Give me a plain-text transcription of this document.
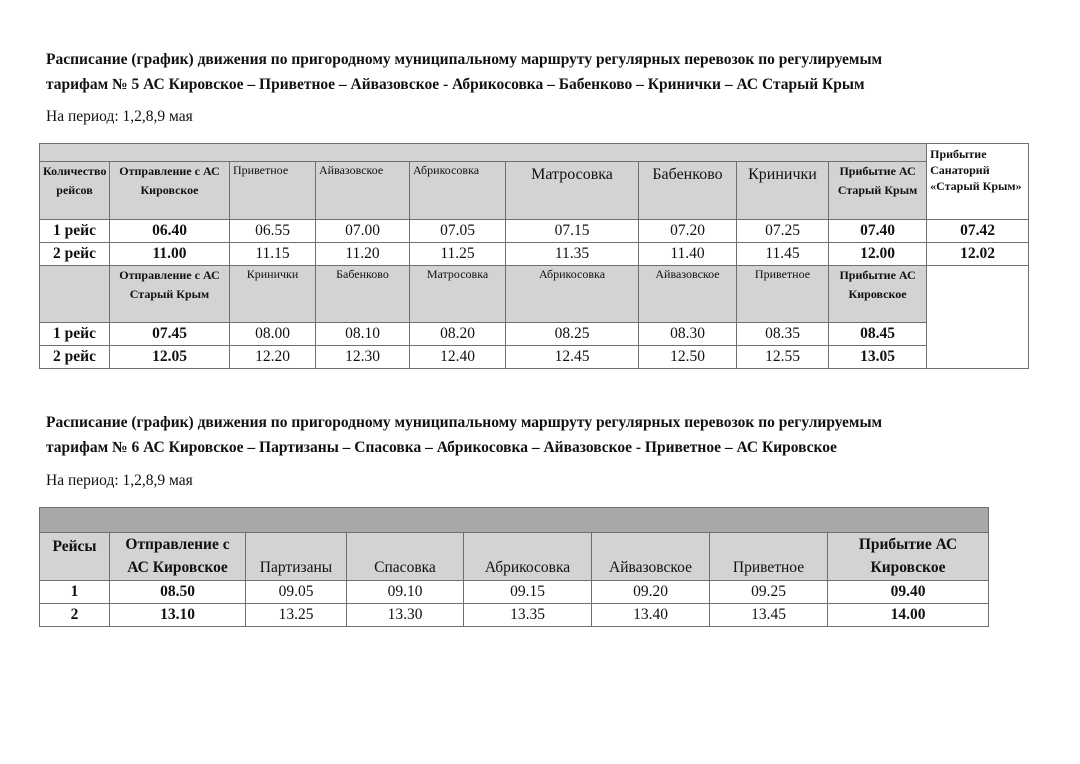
Расписание (график) движения по пригородному муниципальному маршруту регулярных перевозок по регулируемым
тарифам № 5 АС Кировское – Приветное – Айвазовское - Абрикосовка – Бабенково – Кринички – АС Старый Крым
На период: 1,2,8,9 мая
									Прибытие Санаторий «Старый Крым»
Количество рейсов	Отправление с АС Кировское	Приветное	Айвазовское	Абрикосовка	Матросовка	Бабенково	Кринички	Прибытие АС Старый Крым	
1 рейс	06.40	06.55	07.00	07.05	07.15	07.20	07.25	07.40	07.42
2 рейс	11.00	11.15	11.20	11.25	11.35	11.40	11.45	12.00	12.02
	Отправление с АС Старый Крым	Кринички	Бабенково	Матросовка	Абрикосовка	Айвазовское	Приветное	Прибытие АС Кировское	
1 рейс	07.45	08.00	08.10	08.20	08.25	08.30	08.35	08.45	
2 рейс	12.05	12.20	12.30	12.40	12.45	12.50	12.55	13.05	
Расписание (график) движения по пригородному муниципальному маршруту регулярных перевозок по регулируемым
тарифам № 6 АС Кировское – Партизаны – Спасовка – Абрикосовка – Айвазовское - Приветное – АС Кировское
На период: 1,2,8,9 мая

Рейсы	Отправление с АС Кировское	Партизаны	Спасовка	Абрикосовка	Айвазовское	Приветное	Прибытие АС Кировское
1	08.50	09.05	09.10	09.15	09.20	09.25	09.40
2	13.10	13.25	13.30	13.35	13.40	13.45	14.00
